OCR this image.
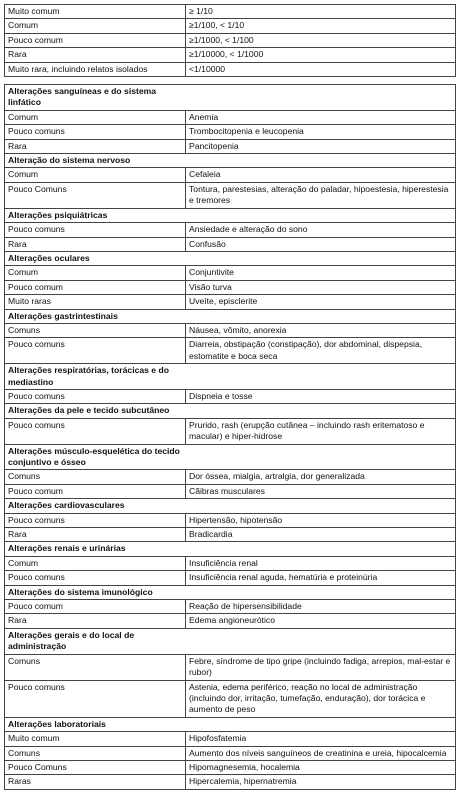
Muito comum	≥ 1/10
Comum	≥1/100, < 1/10
Pouco comum	≥1/1000, < 1/100
Rara	≥1/10000, < 1/1000
Muito rara, incluindo relatos isolados	<1/10000
Alterações sanguíneas e do sistema linfático	
Comum	Anemia
Pouco comuns	Trombocitopenia e leucopenia
Rara	Pancitopenia
Alteração do sistema nervoso	
Comum	Cefaleia
Pouco Comuns	Tontura, parestesias, alteração do paladar, hipoestesia, hiperestesia e tremores
Alterações psiquiátricas	
Pouco comuns	Ansiedade e alteração do sono
Rara	Confusão
Alterações oculares	
Comum	Conjuntivite
Pouco comum	Visão turva
Muito raras	Uveíte, episclerite
Alterações gastrintestinais	
Comuns	Náusea, vômito, anorexia
Pouco comuns	Diarreia, obstipação (constipação), dor abdominal, dispepsia, estomatite e boca seca
Alterações respiratórias, torácicas e do mediastino	
Pouco comuns	Dispneia e tosse
Alterações da pele e tecido subcutâneo	
Pouco comuns	Prurido, rash (erupção cutânea – incluindo rash eritematoso e macular) e hiper-hidrose
Alterações músculo-esquelética do tecido conjuntivo e ósseo	
Comuns	Dor óssea, mialgia, artralgia, dor generalizada
Pouco comum	Cãibras musculares
Alterações cardiovasculares	
Pouco comuns	Hipertensão, hipotensão
Rara	Bradicardia
Alterações renais e urinárias	
Comum	Insuficiência renal
Pouco comuns	Insuficiência renal aguda, hematúria e proteinúria
Alterações do sistema imunológico	
Pouco comum	Reação de hipersensibilidade
Rara	Edema angioneurótico
Alterações gerais e do local de administração	
Comuns	Febre, síndrome de tipo gripe (incluindo fadiga, arrepios, mal-estar e rubor)
Pouco comuns	Astenia, edema periférico, reação no local de administração (incluindo dor, irritação, tumefação, enduração), dor torácica e aumento de peso
Alterações laboratoriais	
Muito comum	Hipofosfatemia
Comuns	Aumento dos níveis sanguíneos de creatinina e ureia, hipocalcemia
Pouco Comuns	Hipomagnesemia, hocalemia
Raras	Hipercalemia, hipernatremia
